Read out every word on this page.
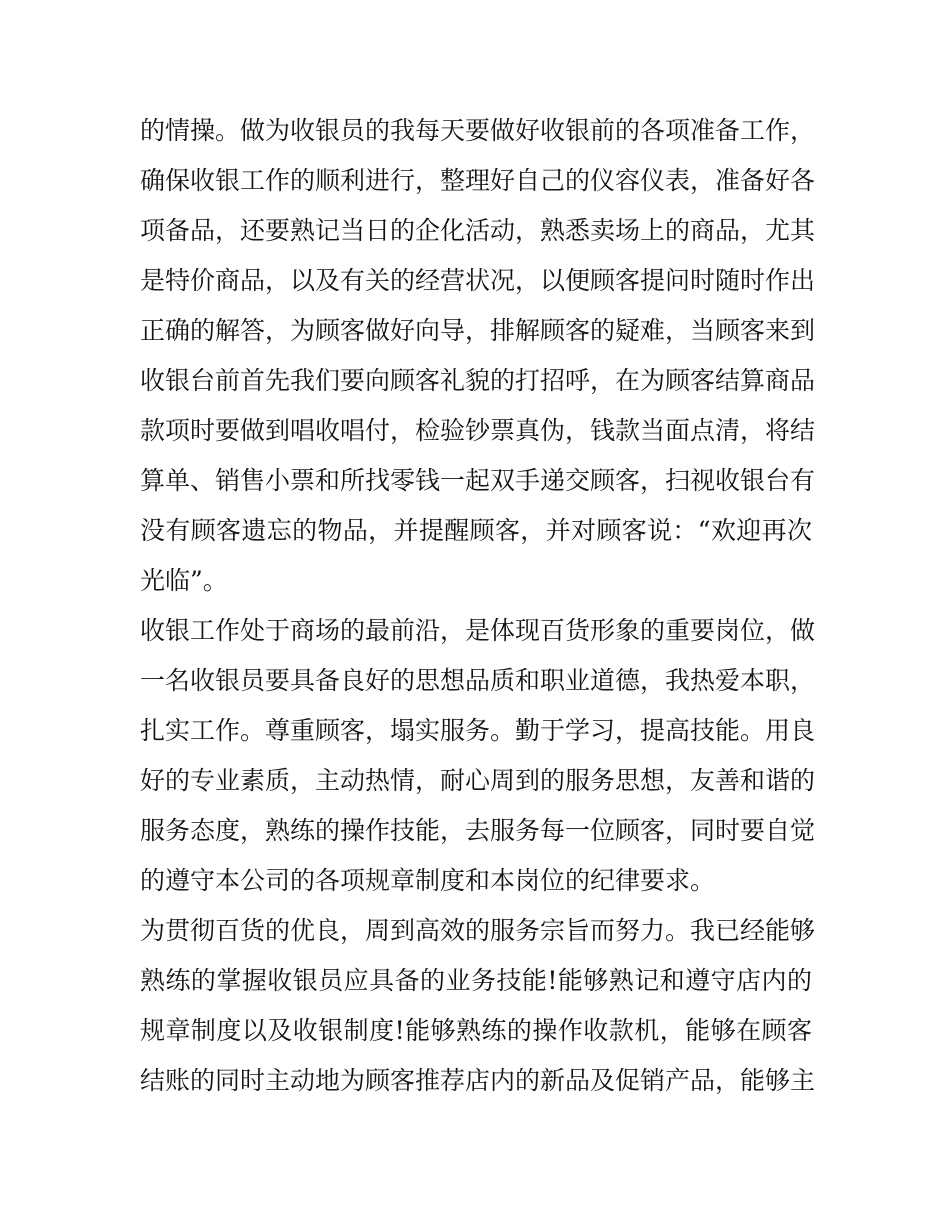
的情操。做为收银员的我每天要做好收银前的各项准备工作，
确保收银工作的顺利进行，整理好自己的仪容仪表，准备好各
项备品，还要熟记当日的企化活动，熟悉卖场上的商品，尤其
是特价商品，以及有关的经营状况，以便顾客提问时随时作出
正确的解答，为顾客做好向导，排解顾客的疑难，当顾客来到
收银台前首先我们要向顾客礼貌的打招呼，在为顾客结算商品
款项时要做到唱收唱付，检验钞票真伪，钱款当面点清，将结
算单、销售小票和所找零钱一起双手递交顾客，扫视收银台有
没有顾客遗忘的物品，并提醒顾客，并对顾客说：“欢迎再次
光临”。
收银工作处于商场的最前沿，是体现百货形象的重要岗位，做
一名收银员要具备良好的思想品质和职业道德，我热爱本职，
扎实工作。尊重顾客，塌实服务。勤于学习，提高技能。用良
好的专业素质，主动热情，耐心周到的服务思想，友善和谐的
服务态度，熟练的操作技能，去服务每一位顾客，同时要自觉
的遵守本公司的各项规章制度和本岗位的纪律要求。
为贯彻百货的优良，周到高效的服务宗旨而努力。我已经能够
熟练的掌握收银员应具备的业务技能!能够熟记和遵守店内的
规章制度以及收银制度!能够熟练的操作收款机，能够在顾客
结账的同时主动地为顾客推荐店内的新品及促销产品，能够主
